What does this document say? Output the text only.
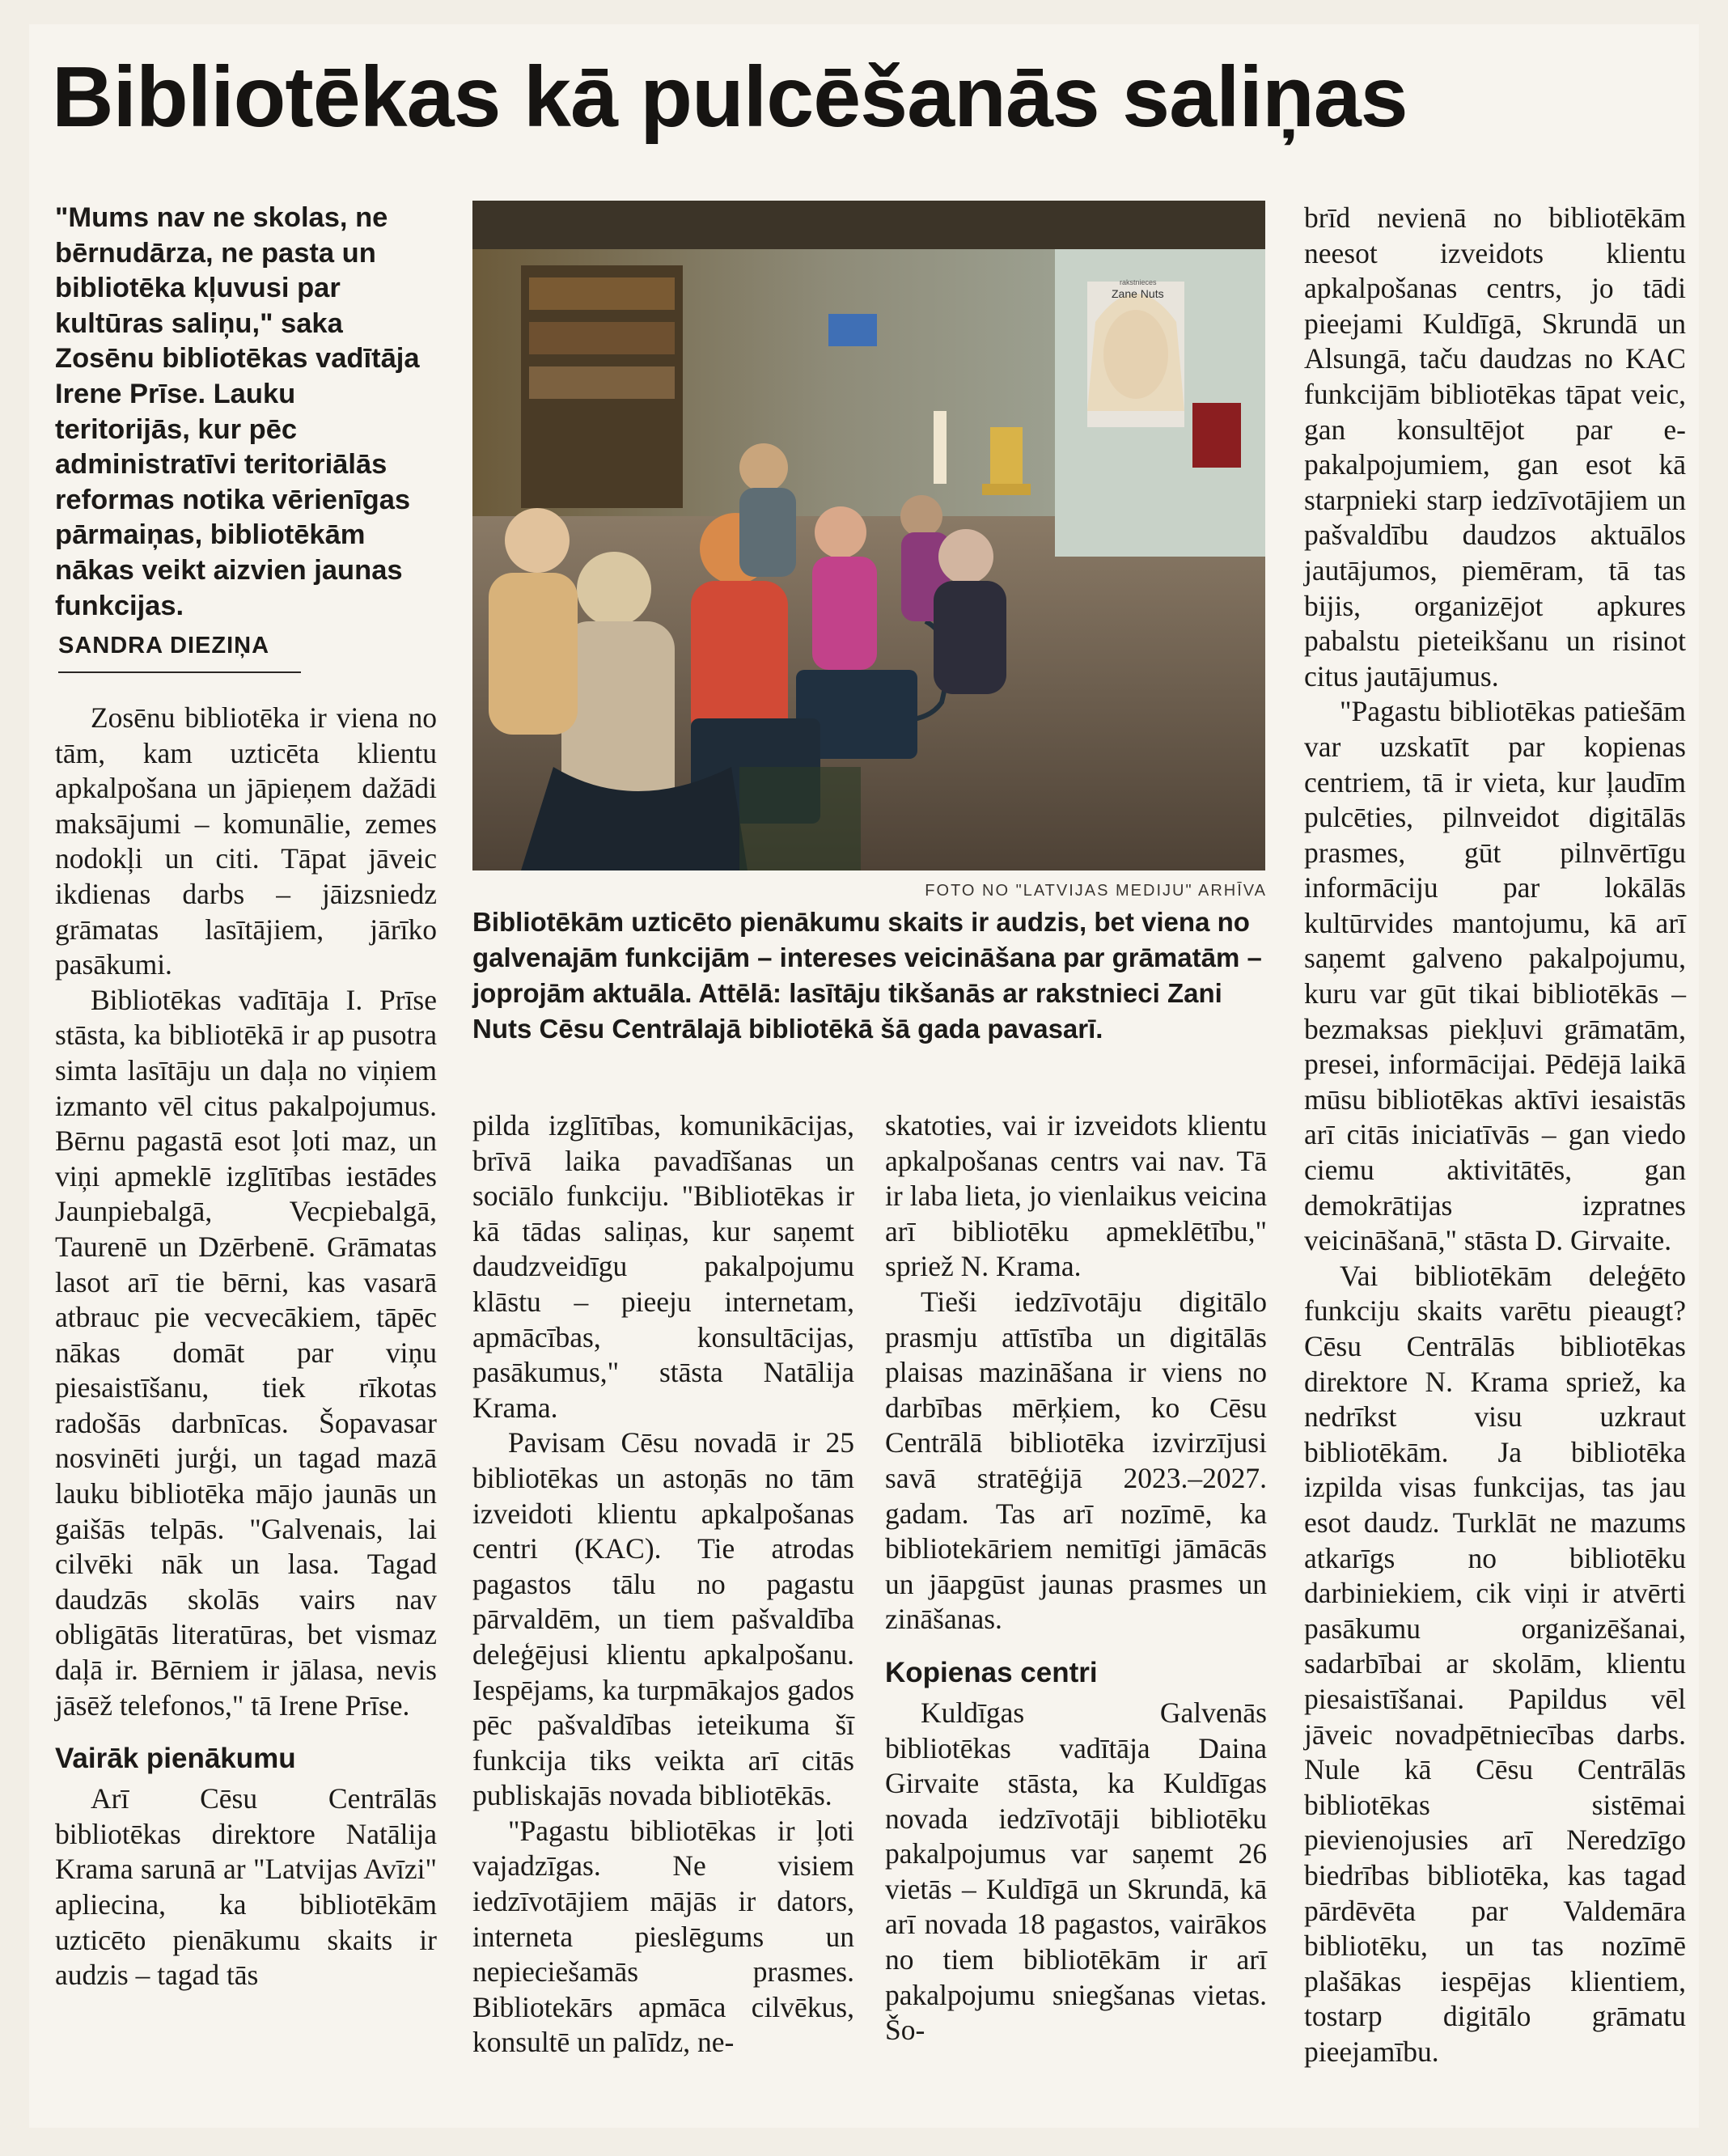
Bibliotēkas kā pulcēšanās saliņas

"Mums nav ne skolas, ne bērnudārza, ne pasta un bibliotēka kļuvusi par kultūras saliņu," saka Zosēnu bibliotēkas vadītāja Irene Prīse. Lauku teritorijās, kur pēc administratīvi teritoriālās reformas notika vērienīgas pārmaiņas, bibliotēkām nākas veikt aizvien jaunas funkcijas.

SANDRA DIEZIŅA

Zosēnu bibliotēka ir viena no tām, kam uzticēta klientu apkalpošana un jāpieņem dažādi maksājumi – komunālie, zemes nodokļi un citi. Tāpat jāveic ikdienas darbs – jāizsniedz grāmatas lasītājiem, jārīko pasākumi.

Bibliotēkas vadītāja I. Prīse stāsta, ka bibliotēkā ir ap pusotra simta lasītāju un daļa no viņiem izmanto vēl citus pakalpojumus. Bērnu pagastā esot ļoti maz, un viņi apmeklē izglītības iestādes Jaunpiebalgā, Vecpiebalgā, Taurenē un Dzērbenē. Grāmatas lasot arī tie bērni, kas vasarā atbrauc pie vecvecākiem, tāpēc nākas domāt par viņu piesaistīšanu, tiek rīkotas radošās darbnīcas. Šopavasar nosvinēti jurģi, un tagad mazā lauku bibliotēka mājo jaunās un gaišās telpās. "Galvenais, lai cilvēki nāk un lasa. Tagad daudzās skolās vairs nav obligātās literatūras, bet vismaz daļā ir. Bērniem ir jālasa, nevis jāsēž telefonos," tā Irene Prīse.

Vairāk pienākumu

Arī Cēsu Centrālās bibliotēkas direktore Natālija Krama sarunā ar "Latvijas Avīzi" apliecina, ka bibliotēkām uzticēto pienākumu skaits ir audzis – tagad tās

Zane Nuts
rakstnieces

FOTO NO "LATVIJAS MEDIJU" ARHĪVA

Bibliotēkām uzticēto pienākumu skaits ir audzis, bet viena no galvenajām funkcijām – intereses veicināšana par grāmatām – joprojām aktuāla. Attēlā: lasītāju tikšanās ar rakstnieci Zani Nuts Cēsu Centrālajā bibliotēkā šā gada pavasarī.

pilda izglītības, komunikācijas, brīvā laika pavadīšanas un sociālo funkciju. "Bibliotēkas ir kā tādas saliņas, kur saņemt daudzveidīgu pakalpojumu klāstu – pieeju internetam, apmācības, konsultācijas, pasākumus," stāsta Natālija Krama.

Pavisam Cēsu novadā ir 25 bibliotēkas un astoņās no tām izveidoti klientu apkalpošanas centri (KAC). Tie atrodas pagastos tālu no pagastu pārvaldēm, un tiem pašvaldība deleģējusi klientu apkalpošanu. Iespējams, ka turpmākajos gados pēc pašvaldības ieteikuma šī funkcija tiks veikta arī citās publiskajās novada bibliotēkās.

"Pagastu bibliotēkas ir ļoti vajadzīgas. Ne visiem iedzīvotājiem mājās ir dators, interneta pieslēgums un nepieciešamās prasmes. Bibliotekārs apmāca cilvēkus, konsultē un palīdz, ne-

skatoties, vai ir izveidots klientu apkalpošanas centrs vai nav. Tā ir laba lieta, jo vienlaikus veicina arī bibliotēku apmeklētību," spriež N. Krama.

Tieši iedzīvotāju digitālo prasmju attīstība un digitālās plaisas mazināšana ir viens no darbības mērķiem, ko Cēsu Centrālā bibliotēka izvirzījusi savā stratēģijā 2023.–2027. gadam. Tas arī nozīmē, ka bibliotekāriem nemitīgi jāmācās un jāapgūst jaunas prasmes un zināšanas.

Kopienas centri

Kuldīgas Galvenās bibliotēkas vadītāja Daina Girvaite stāsta, ka Kuldīgas novada iedzīvotāji bibliotēku pakalpojumus var saņemt 26 vietās – Kuldīgā un Skrundā, kā arī novada 18 pagastos, vairākos no tiem bibliotēkām ir arī pakalpojumu sniegšanas vietas. Šo-

brīd nevienā no bibliotēkām neesot izveidots klientu apkalpošanas centrs, jo tādi pieejami Kuldīgā, Skrundā un Alsungā, taču daudzas no KAC funkcijām bibliotēkas tāpat veic, gan konsultējot par e-pakalpojumiem, gan esot kā starpnieki starp iedzīvotājiem un pašvaldību daudzos aktuālos jautājumos, piemēram, tā tas bijis, organizējot apkures pabalstu pieteikšanu un risinot citus jautājumus.

"Pagastu bibliotēkas patiešām var uzskatīt par kopienas centriem, tā ir vieta, kur ļaudīm pulcēties, pilnveidot digitālās prasmes, gūt pilnvērtīgu informāciju par lokālās kultūrvides mantojumu, kā arī saņemt galveno pakalpojumu, kuru var gūt tikai bibliotēkās – bezmaksas piekļuvi grāmatām, presei, informācijai. Pēdējā laikā mūsu bibliotēkas aktīvi iesaistās arī citās iniciatīvās – gan viedo ciemu aktivitātēs, gan demokrātijas izpratnes veicināšanā," stāsta D. Girvaite.

Vai bibliotēkām deleģēto funkciju skaits varētu pieaugt? Cēsu Centrālās bibliotēkas direktore N. Krama spriež, ka nedrīkst visu uzkraut bibliotēkām. Ja bibliotēka izpilda visas funkcijas, tas jau esot daudz. Turklāt ne mazums atkarīgs no bibliotēku darbiniekiem, cik viņi ir atvērti pasākumu organizēšanai, sadarbībai ar skolām, klientu piesaistīšanai. Papildus vēl jāveic novadpētniecības darbs. Nule kā Cēsu Centrālās bibliotēkas sistēmai pievienojusies arī Neredzīgo biedrības bibliotēka, kas tagad pārdēvēta par Valdemāra bibliotēku, un tas nozīmē plašākas iespējas klientiem, tostarp digitālo grāmatu pieejamību.
